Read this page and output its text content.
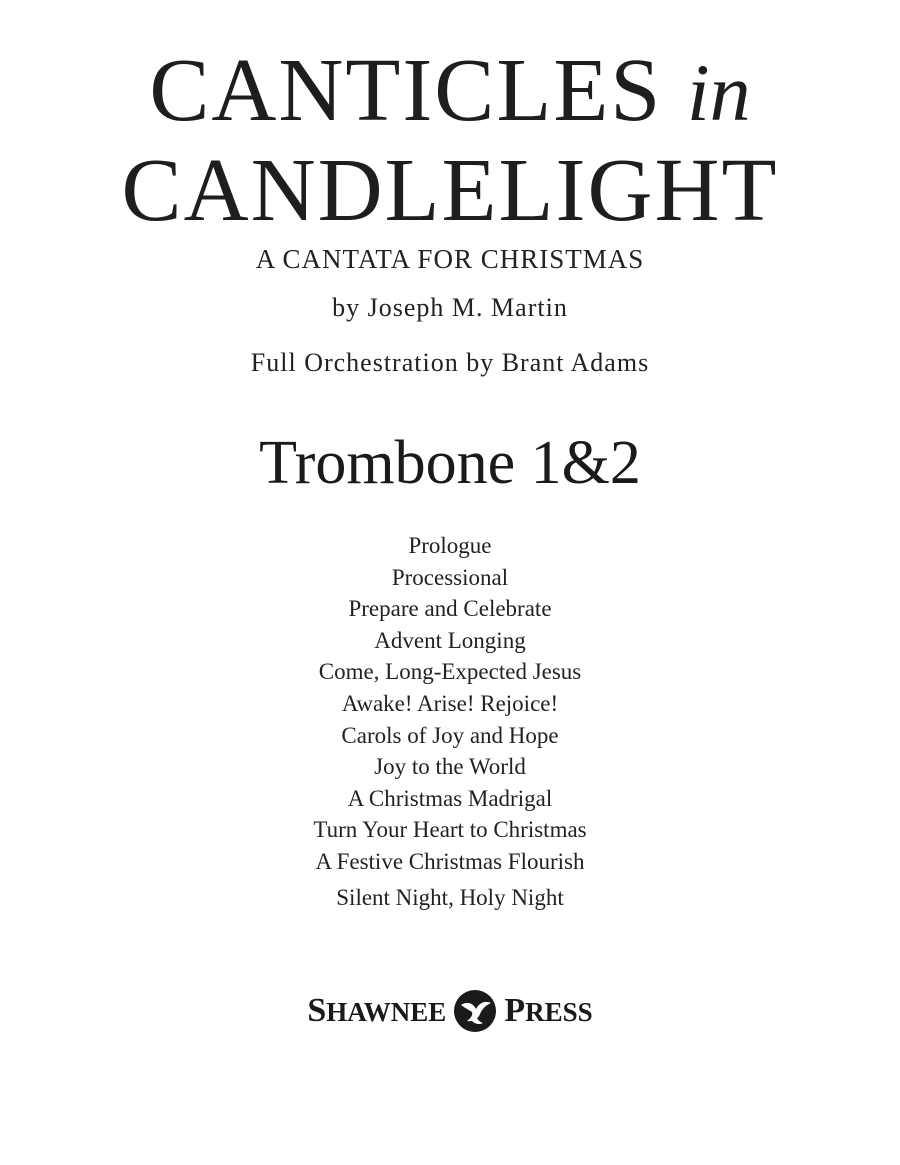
CANTICLES in
CANDLELIGHT
A CANTATA FOR CHRISTMAS
by Joseph M. Martin
Full Orchestration by Brant Adams
Trombone 1&2
Prologue
Processional
Prepare and Celebrate
Advent Longing
Come, Long-Expected Jesus
Awake! Arise! Rejoice!
Carols of Joy and Hope
Joy to the World
A Christmas Madrigal
Turn Your Heart to Christmas
A Festive Christmas Flourish
Silent Night, Holy Night
SHAWNEE PRESS
